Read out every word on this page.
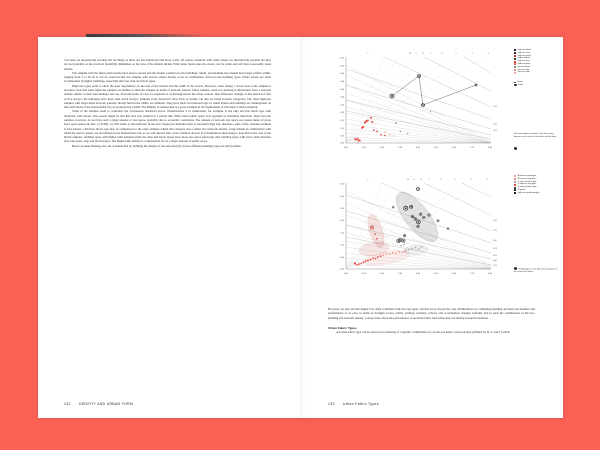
5 m deep are theoretically possible but not likely as these are less functional and more costly. Of course, solutions with wider streets are theoretically possible but they are not probable as the practical feasibility diminishes as the size of the islands shrink. With larger mesh sizes the streets can be wider and still have reasonably sized islands.

The samples with the finest grain mostly have narrow streets and the islands contain low-rise buildings. Small- and medium-size islands have larger profile widths, ranging from 5 to 40 m. It can be observed that the samples with narrow streets mostly occur in combination with low-rise building types. Wider streets are often accompanied by higher buildings, especially mid-rise strip and block types.

High-rise types seem to show the least dependency on the size of the islands and the width of the streets. However, when taking a closer look at the samples it becomes clear that some high-rise samples are similar to mid-rise samples in terms of network pattern. These samples, such as Landsong in Rotterdam, have a network density similar to their surroundings and can, from this point of view, be regarded as well-integrated in the urban context. One difference, though, is that instead of four to five storeys, the buildings have more than seven storeys. Samples from downtown New York or Seattle can also be found in these categories. The other high-rise samples with larger-sized network patterns, mostly built in the 1960s, are different. They have their own internal logic in which streets and buildings are disintegrated, in line with ideals of the functionalist city as promoted by CIAM. The Bijlmer in Amsterdam is a good example in the Netherlands of this kind of urban planning.

Some of the samples seem to contradict the conclusions described above. Waterkwartier 2 in Amsterdam, for example, is the only low-rise block type with relatively wide streets. One reason might be that this area was realised in a period like 1930s when public space was regarded as extremely important. Most low-rise samples, however, do not have such a large amount of tare space, probably due to economic constraints. The amount of network tare space per square metre of gross floor space (network ratio, or SOM), we will return to this indicator in the next chapter) in Waterkwartier is extremely high and, therefore, quite costly. Another example is Java Island, a mid-rise block type that, in comparison to the other samples within this category, has a rather low network density. Large islands in combination with relatively narrow streets are uncommon in the Netherlands, but, as we will discuss later, more common abroad. It is furthermore interesting to note that in the case of the Dutch samples, building types with higher built densities (mid-rise strip and block types) have more tare space (network) than building types with lower built densities (low-rise point, strip and block types). The higher built density is compensated for by a larger amount of public space.

Based on these findings one can conclude that by defining the density of the network (N), several different building types are still possible.

132 DENSITY AND URBAN FORM
0.55
0.50
0.45
0.40
0.35
0.30
0.25
0.20
0.15
0.10
0.05
0.00
0.00	0.10	0.20	0.30	0.40	0.50	0.60	0.70	0.80
L	10	9	8	7	6	5	4	3
0.10
0.25
0.50
high-rise block
high-rise strip
high-rise point
mid-rise block
mid-rise strip
mid-rise point
low-rise block
low-rise strip
low-rise point
island
fabric
Size and keypoint symbols in the Spacemate diagram on the scale of the island and the fabric.
3.50
3.00
2.50
2.00
1.50
1.00
0.50
0.00
0.00	0.10	0.20	0.30	0.40	0.50	0.60	0.70	0.80
L	10	9	8	7	6	5	4	3
1.00
0.75
0.50
0.25
0.50
0.60
0.75
A low-rise point type
B low-rise strip type
C low-rise block type
D mid-rise strip type
E mid-rise block type
F hybrid
high-rise point/strip type
Building types in the Spacemate diagram on the scale of the fabric.

However, we also see that higher N is often combined with low-rise types, but this is not always the case. Furthermore, by combining building and network densities, the performance of an area, in terms of daylight access, public, parking, urbanity, privacy and crowdedness changes radically and in such the combination of the two, building and network density, convey more about the performance of an urban fabric than when they are merely treated in isolation.

Urban Fabric Types

An urban fabric type can be viewed as consisting of a specific combination of, on the one hand, a network type (defined by N, b, and T) which

133 Urban Fabric Types
